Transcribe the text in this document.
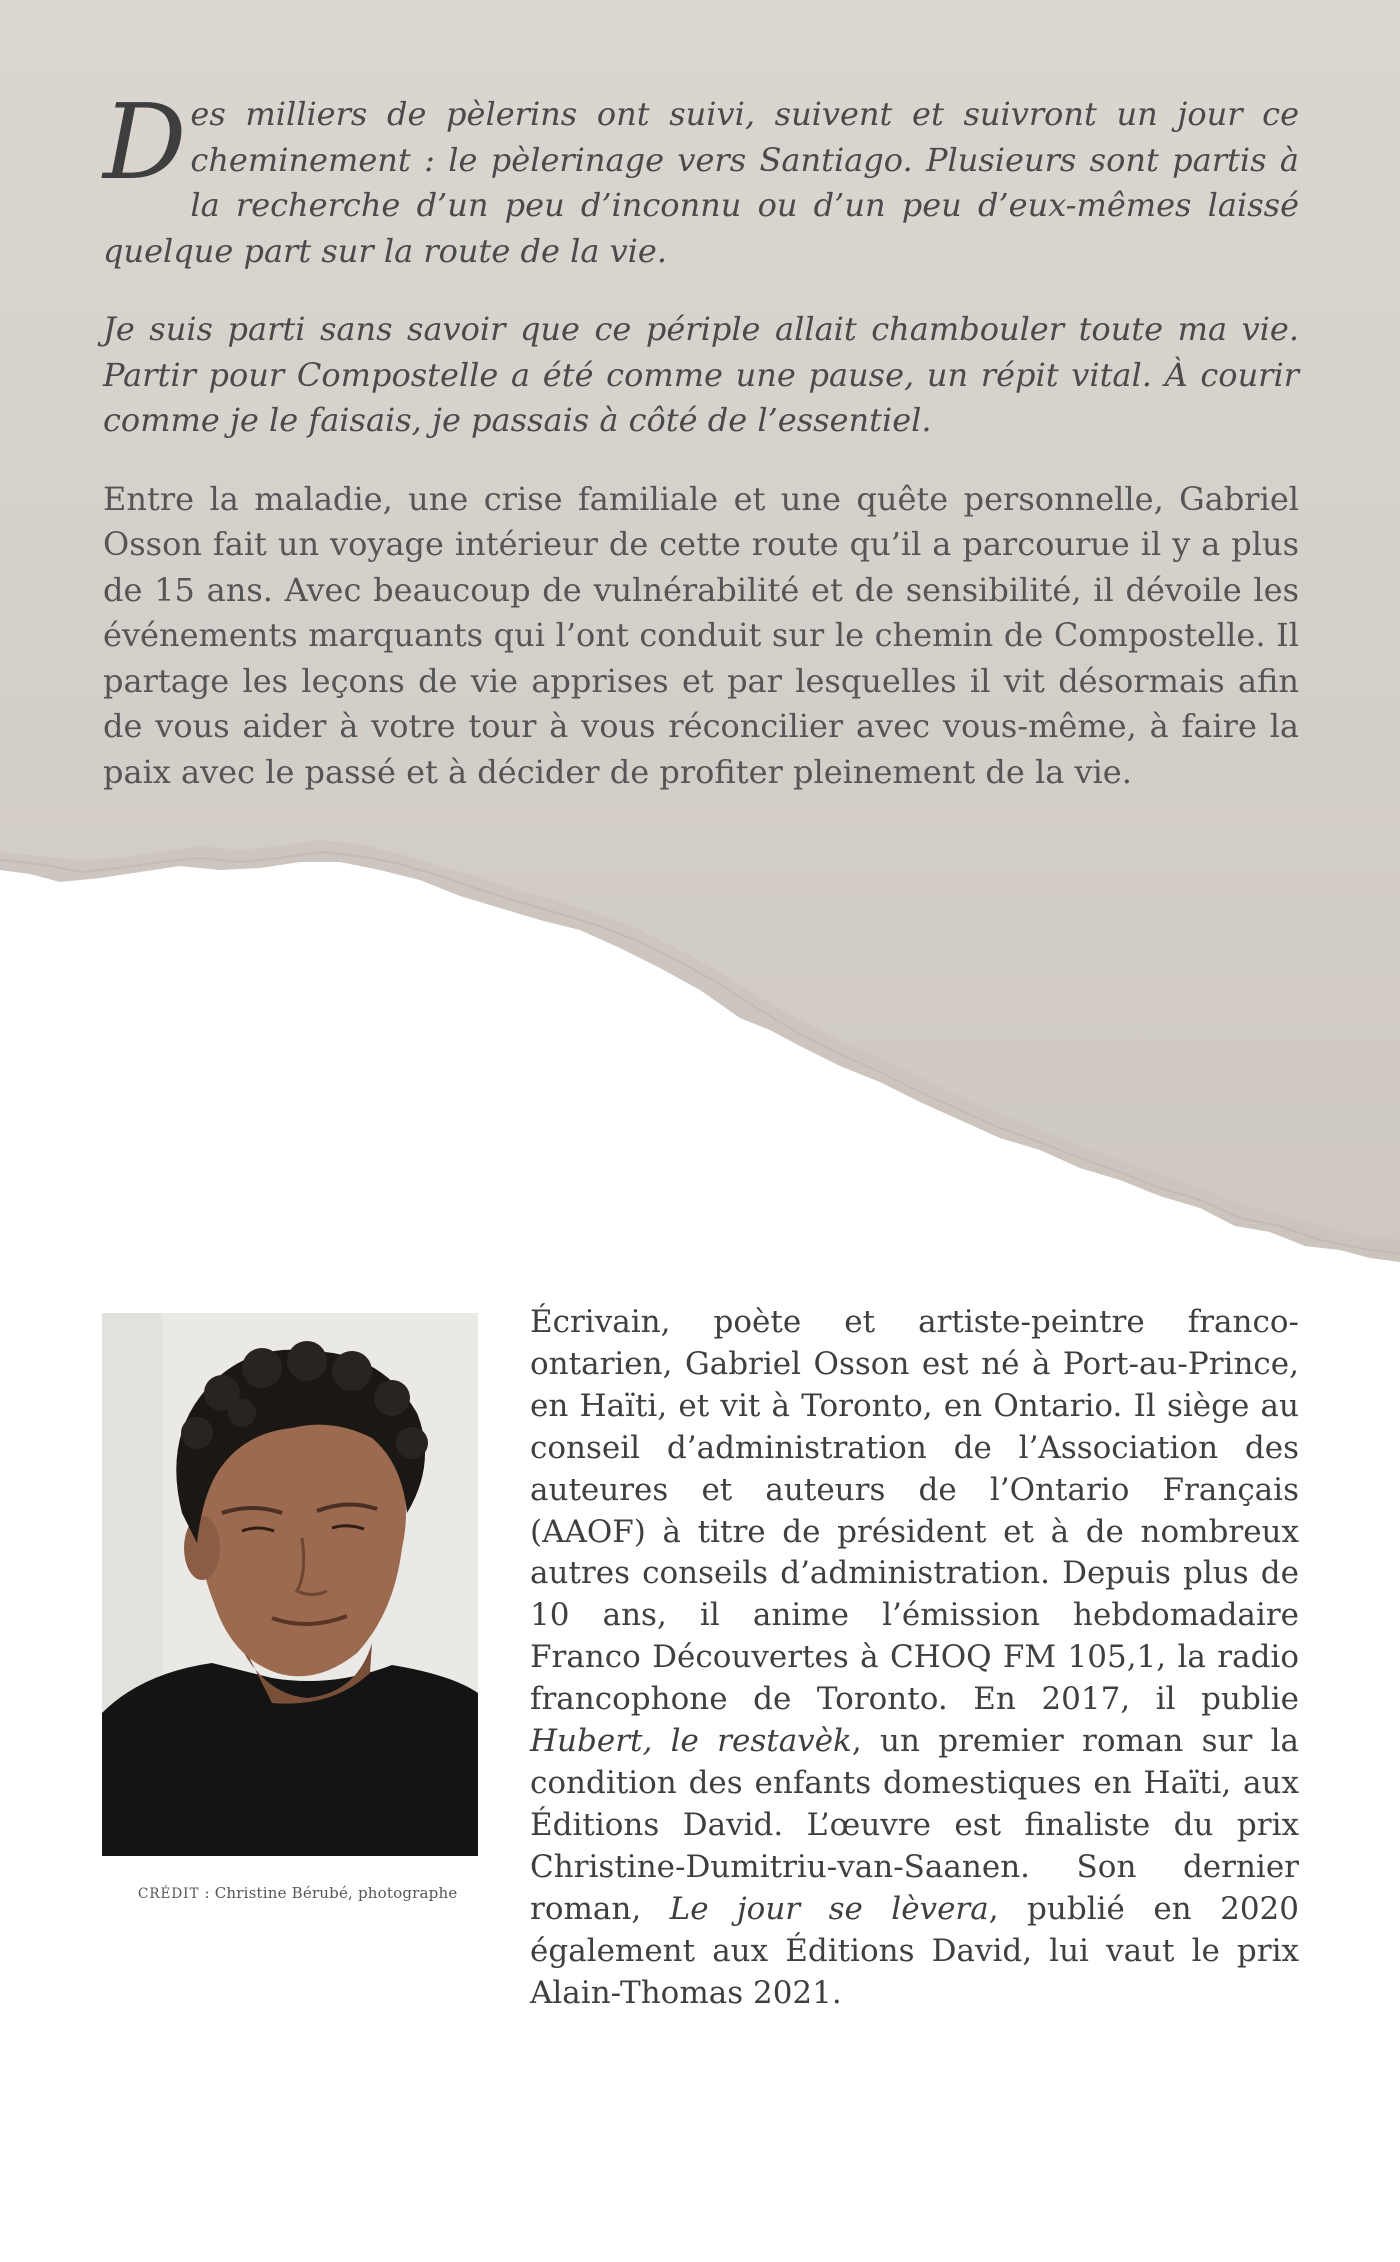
Des milliers de pèlerins ont suivi, suivent et suivront un jour ce cheminement : le pèlerinage vers Santiago. Plusieurs sont partis à la recherche d’un peu d’inconnu ou d’un peu d’eux-mêmes laissé quelque part sur la route de la vie.

Je suis parti sans savoir que ce périple allait chambouler toute ma vie. Partir pour Compostelle a été comme une pause, un répit vital. À courir comme je le faisais, je passais à côté de l’essentiel.

Entre la maladie, une crise familiale et une quête personnelle, Gabriel Osson fait un voyage intérieur de cette route qu’il a parcourue il y a plus de 15 ans. Avec beaucoup de vulnérabilité et de sensibilité, il dévoile les événements marquants qui l’ont conduit sur le chemin de Compostelle. Il partage les leçons de vie apprises et par lesquelles il vit désormais afin de vous aider à votre tour à vous réconcilier avec vous-même, à faire la paix avec le passé et à décider de profiter pleinement de la vie.

CRÉDIT : Christine Bérubé, photographe

Écrivain, poète et artiste-peintre franco-ontarien, Gabriel Osson est né à Port-au-Prince, en Haïti, et vit à Toronto, en Ontario. Il siège au conseil d’administration de l’Association des auteures et auteurs de l’Ontario Français (AAOF) à titre de président et à de nombreux autres conseils d’administration. Depuis plus de 10 ans, il anime l’émission hebdomadaire Franco Découvertes à CHOQ FM 105,1, la radio francophone de Toronto. En 2017, il publie Hubert, le restavèk, un premier roman sur la condition des enfants domestiques en Haïti, aux Éditions David. L’œuvre est finaliste du prix Christine-Dumitriu-van-Saanen. Son dernier roman, Le jour se lèvera, publié en 2020 également aux Éditions David, lui vaut le prix Alain-Thomas 2021.
